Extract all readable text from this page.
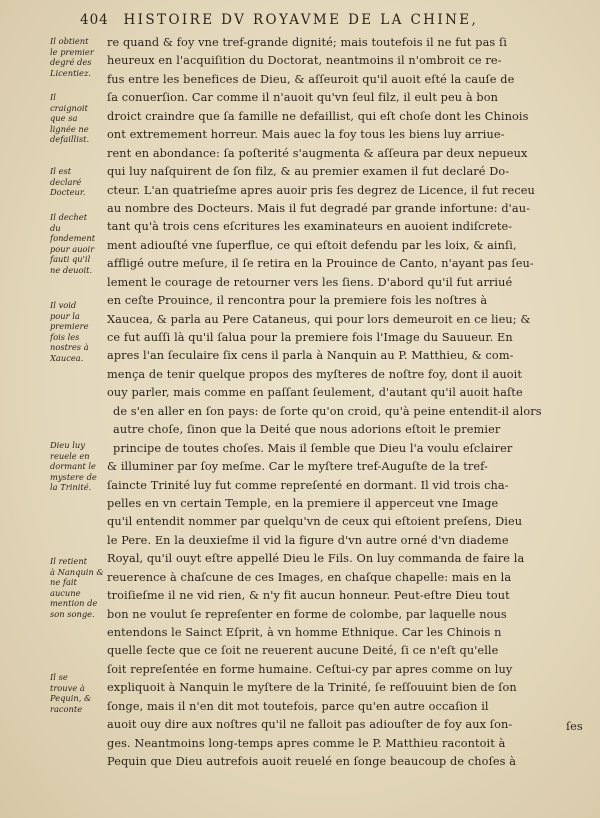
404 HISTOIRE DV ROYAVME DE LA CHINE,
Il obtient
le premier
degré des
Licentiez.
Il
craignoit
que sa
lignée ne
defaillist.
Il est
declaré
Docteur.
Il dechet
du
fondement
pour auoir
fauti qu'il
ne deuoit.
Il void
pour la
premiere
fois les
nostres à
Xaucea.
Dieu luy
reuele en
dormant le
mystere de
la Trinité.
Il retient
à Nanquin &
ne fait
aucune
mention de
son songe.
Il se
trouve à
Pequin, &
raconte
re quand & foy vne tref-grande dignité; mais toutefois il ne fut pas ſi
heureux en l'acquiſition du Doctorat, neantmoins il n'ombroit ce re-
fus entre les benefices de Dieu, & aſſeuroit qu'il auoit eſté la cauſe de
ſa conuerſion. Car comme il n'auoit qu'vn ſeul filz, il eult peu à bon
droict craindre que ſa famille ne defaillist, qui eſt choſe dont les Chinois
ont extremement horreur. Mais auec la foy tous les biens luy arriue-
rent en abondance: ſa poſterité s'augmenta & aſſeura par deux nepueux
qui luy naſquirent de ſon filz, & au premier examen il fut declaré Do-
cteur. L'an quatrieſme apres auoir pris ſes degrez de Licence, il fut receu
au nombre des Docteurs. Mais il fut degradé par grande infortune: d'au-
tant qu'à trois cens eſcritures les examinateurs en auoient indiſcrete-
ment adiouſté vne ſuperflue, ce qui eſtoit defendu par les loix, & ainſi,
affligé outre meſure, il ſe retira en la Prouince de Canto, n'ayant pas ſeu-
lement le courage de retourner vers les ſiens. D'abord qu'il fut arriué
en ceſte Prouince, il rencontra pour la premiere fois les noſtres à
Xaucea, & parla au Pere Cataneus, qui pour lors demeuroit en ce lieu; &
ce fut auſſi là qu'il ſalua pour la premiere fois l'Image du Sauueur. En
apres l'an ſeculaire ſix cens il parla à Nanquin au P. Matthieu, & com-
mença de tenir quelque propos des myſteres de noſtre foy, dont il auoit
ouy parler, mais comme en paſſant ſeulement, d'autant qu'il auoit haſte
de s'en aller en ſon pays: de ſorte qu'on croid, qu'à peine entendit-il alors
autre choſe, ſinon que la Deité que nous adorions eſtoit le premier
principe de toutes choſes. Mais il ſemble que Dieu l'a voulu eſclairer
& illuminer par ſoy meſme. Car le myſtere tref-Auguſte de la tref-
ſaincte Trinité luy fut comme repreſenté en dormant. Il vid trois cha-
pelles en vn certain Temple, en la premiere il apperceut vne Image
qu'il entendit nommer par quelqu'vn de ceux qui eſtoient preſens, Dieu
le Pere. En la deuxieſme il vid la figure d'vn autre orné d'vn diademe
Royal, qu'il ouyt eſtre appellé Dieu le Fils. On luy commanda de faire la
reuerence à chaſcune de ces Images, en chaſque chapelle: mais en la
troiſieſme il ne vid rien, & n'y fit aucun honneur. Peut-eſtre Dieu tout
bon ne voulut ſe repreſenter en forme de colombe, par laquelle nous
entendons le Sainct Eſprit, à vn homme Ethnique. Car les Chinois n
quelle ſecte que ce ſoit ne reuerent aucune Deité, ſi ce n'eſt qu'elle
ſoit repreſentée en forme humaine. Ceſtui-cy par apres comme on luy
expliquoit à Nanquin le myſtere de la Trinité, ſe reſſouuint bien de ſon
ſonge, mais il n'en dit mot toutefois, parce qu'en autre occaſion il
auoit ouy dire aux noſtres qu'il ne falloit pas adiouſter de foy aux ſon-
ges. Neantmoins long-temps apres comme le P. Matthieu racontoit à
Pequin que Dieu autrefois auoit reuelé en ſonge beaucoup de choſes à
ſes
